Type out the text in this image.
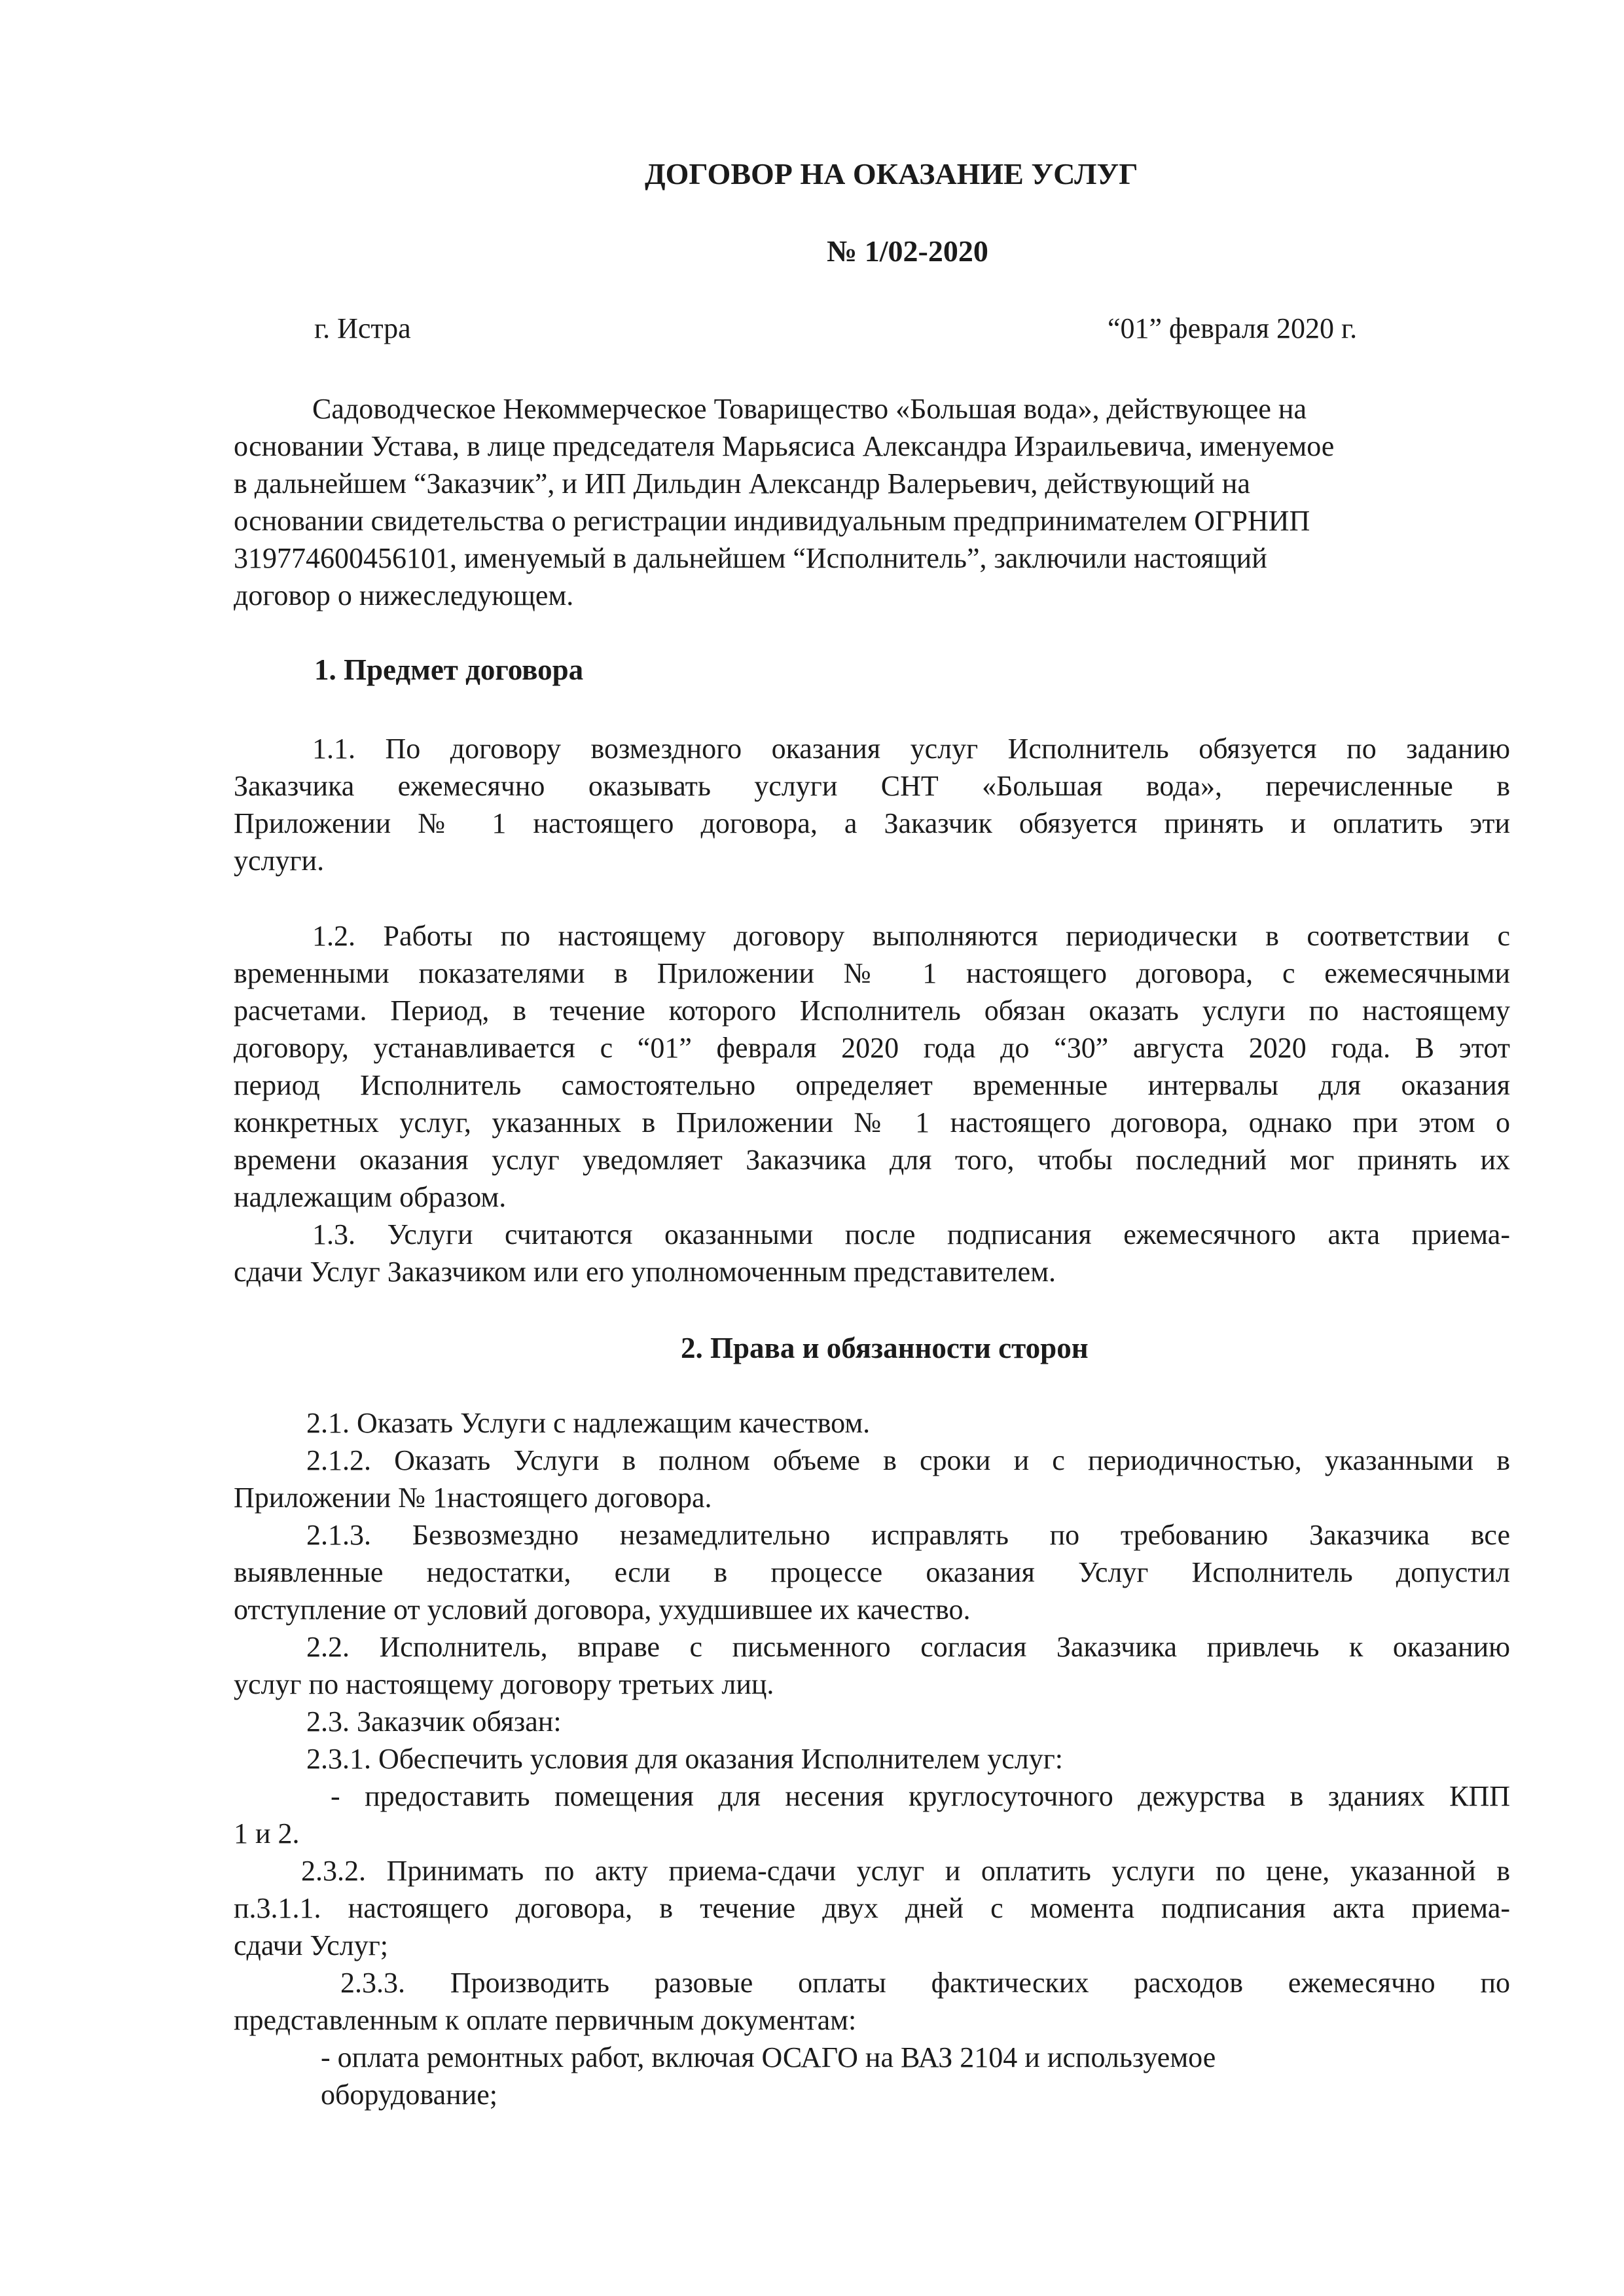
ДОГОВОР НА ОКАЗАНИЕ УСЛУГ
№ 1/02-2020
г. Истра	“01” февраля 2020 г.
Садоводческое Некоммерческое Товарищество «Большая вода», действующее на
основании Устава, в лице председателя Марьясиса Александра Израильевича, именуемое
в дальнейшем “Заказчик”, и ИП Дильдин Александр Валерьевич, действующий на
основании свидетельства о регистрации индивидуальным предпринимателем ОГРНИП
319774600456101, именуемый в дальнейшем “Исполнитель”, заключили настоящий
договор о нижеследующем.
1. Предмет договора
1.1. По договору возмездного оказания услуг Исполнитель обязуется по заданию
Заказчика ежемесячно оказывать услуги СНТ «Большая вода», перечисленные в
Приложении № 1 настоящего договора, а Заказчик обязуется принять и оплатить эти
услуги.
1.2. Работы по настоящему договору выполняются периодически в соответствии с
временными показателями в Приложении № 1 настоящего договора, с ежемесячными
расчетами. Период, в течение которого Исполнитель обязан оказать услуги по настоящему
договору, устанавливается с “01” февраля 2020 года до “30” августа 2020 года. В этот
период Исполнитель самостоятельно определяет временные интервалы для оказания
конкретных услуг, указанных в Приложении № 1 настоящего договора, однако при этом о
времени оказания услуг уведомляет Заказчика для того, чтобы последний мог принять их
надлежащим образом.
1.3. Услуги считаются оказанными после подписания ежемесячного акта приема-
сдачи Услуг Заказчиком или его уполномоченным представителем.
2. Права и обязанности сторон
2.1. Оказать Услуги с надлежащим качеством.
2.1.2. Оказать Услуги в полном объеме в сроки и с периодичностью, указанными в
Приложении № 1настоящего договора.
2.1.3. Безвозмездно незамедлительно исправлять по требованию Заказчика все
выявленные недостатки, если в процессе оказания Услуг Исполнитель допустил
отступление от условий договора, ухудшившее их качество.
2.2. Исполнитель, вправе с письменного согласия Заказчика привлечь к оказанию
услуг по настоящему договору третьих лиц.
2.3. Заказчик обязан:
2.3.1. Обеспечить условия для оказания Исполнителем услуг:
- предоставить помещения для несения круглосуточного дежурства в зданиях КПП
1 и 2.
2.3.2. Принимать по акту приема-сдачи услуг и оплатить услуги по цене, указанной в
п.3.1.1. настоящего договора, в течение двух дней с момента подписания акта приема-
сдачи Услуг;
2.3.3. Производить разовые оплаты фактических расходов ежемесячно по
представленным к оплате первичным документам:
- оплата ремонтных работ, включая ОСАГО на ВАЗ 2104 и используемое
оборудование;
